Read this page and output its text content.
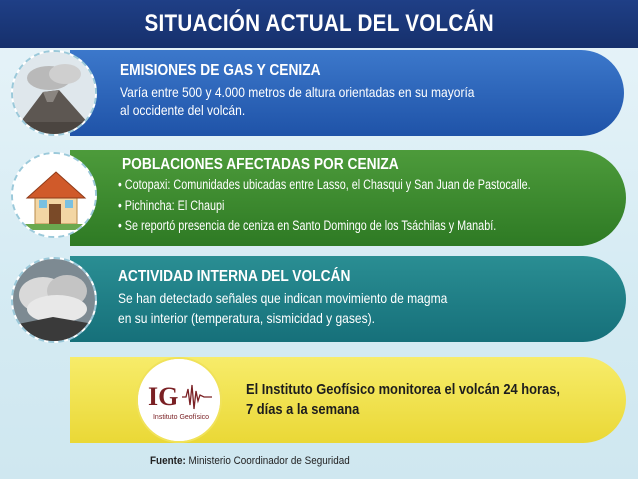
SITUACIÓN ACTUAL DEL VOLCÁN
EMISIONES DE GAS Y CENIZA
Varía entre 500 y 4.000 metros de altura orientadas en su mayoría
al occidente del volcán.
POBLACIONES AFECTADAS POR CENIZA
• Cotopaxi: Comunidades ubicadas entre Lasso, el Chasqui y San Juan de Pastocalle.
• Pichincha: El Chaupi
• Se reportó presencia de ceniza en Santo Domingo de los Tsáchilas y Manabí.
ACTIVIDAD INTERNA DEL VOLCÁN
Se han detectado señales que indican movimiento de magma
en su interior (temperatura, sismicidad y gases).
El Instituto Geofísico monitorea el volcán 24 horas,
7 días a la semana
IG
Instituto Geofísico
Fuente: Ministerio Coordinador de Seguridad
